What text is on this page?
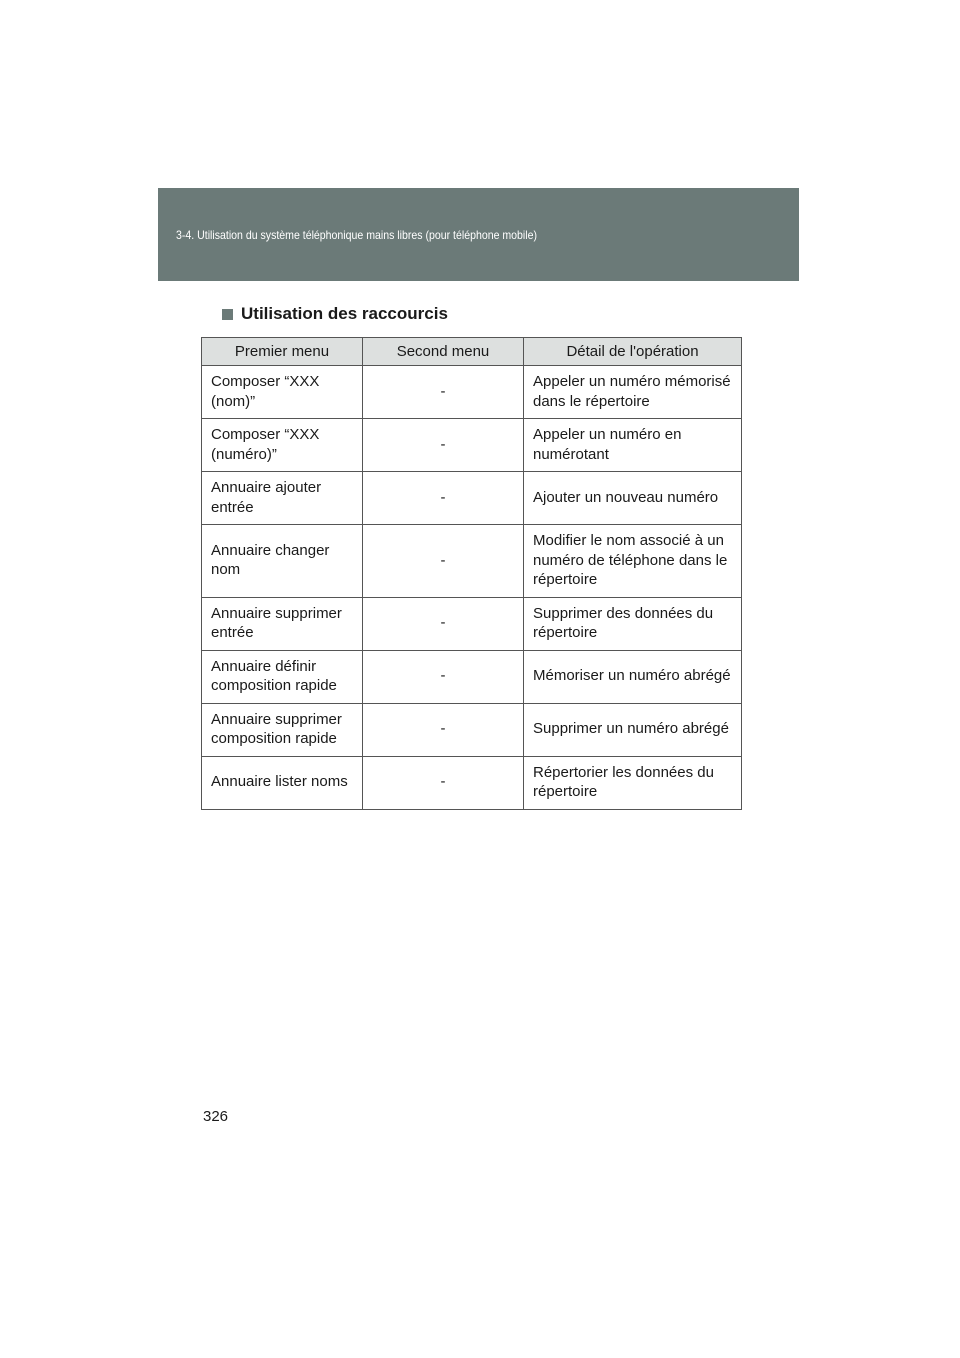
3-4. Utilisation du système téléphonique mains libres (pour téléphone mobile)
Utilisation des raccourcis
Premier menu	Second menu	Détail de l'opération
Composer “XXX (nom)”	-	Appeler un numéro mémorisé dans le répertoire
Composer “XXX (numéro)”	-	Appeler un numéro en numérotant
Annuaire ajouter entrée	-	Ajouter un nouveau numéro
Annuaire changer nom	-	Modifier le nom associé à un numéro de téléphone dans le répertoire
Annuaire supprimer entrée	-	Supprimer des données du répertoire
Annuaire définir composition rapide	-	Mémoriser un numéro abrégé
Annuaire supprimer composition rapide	-	Supprimer un numéro abrégé
Annuaire lister noms	-	Répertorier les données du répertoire
326
